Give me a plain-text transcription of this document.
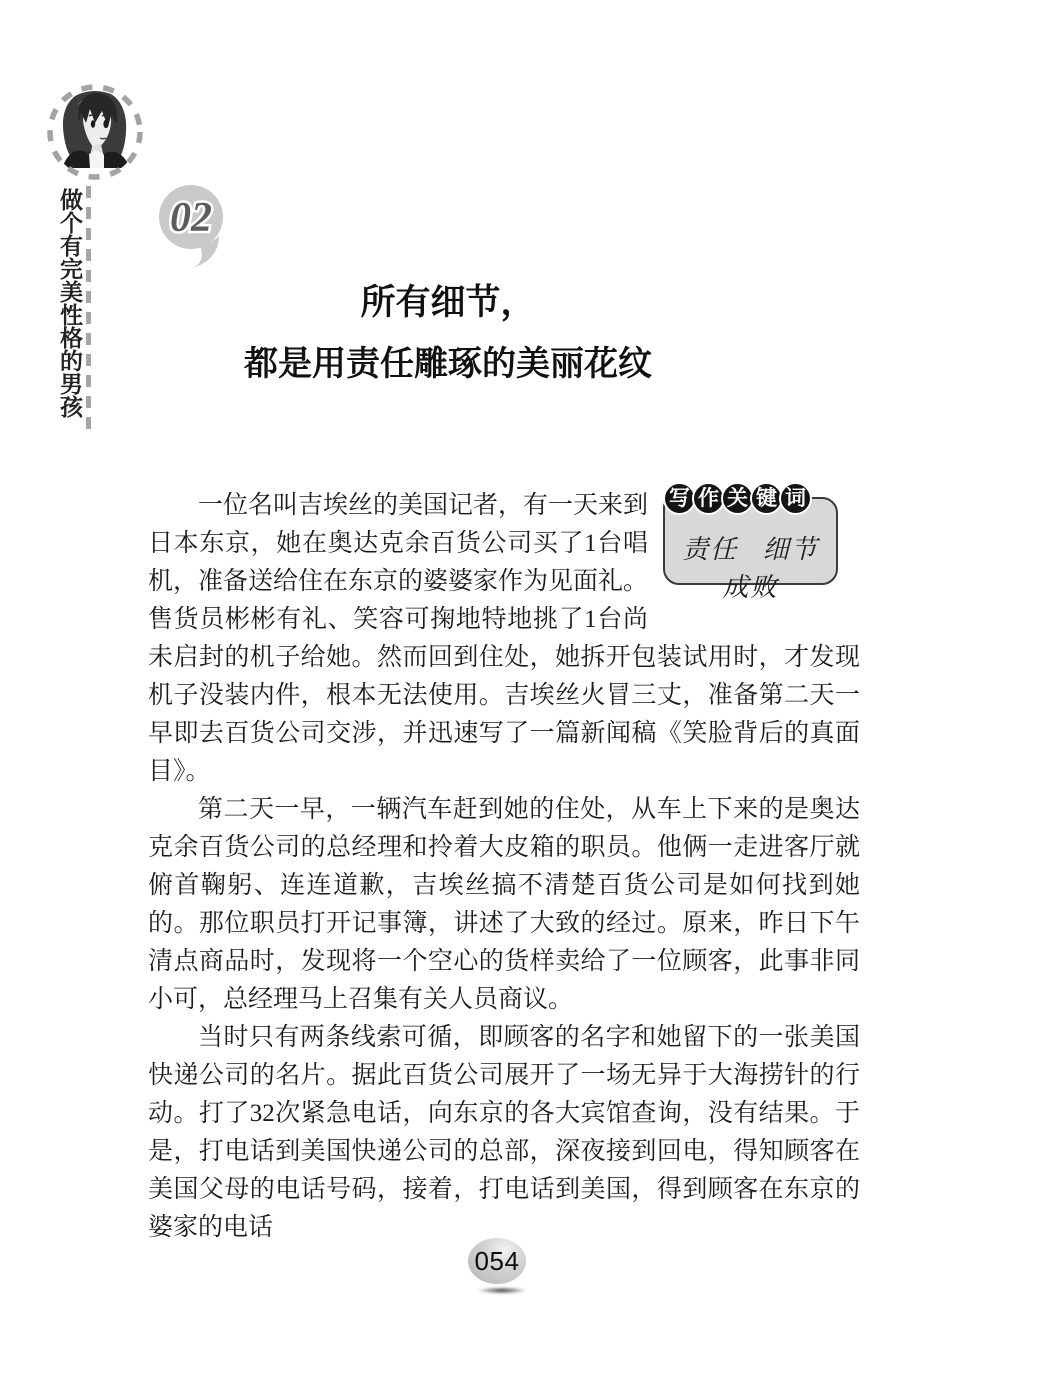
做个有完美性格的男孩 02
所有细节，
都是用责任雕琢的美丽花纹
写 作 关 键 词
责任 细节 成败

一位名叫吉埃丝的美国记者，有一天来到日本东京，她在奥达克余百货公司买了1台唱机，准备送给住在东京的婆婆家作为见面礼。售货员彬彬有礼、笑容可掬地特地挑了1台尚未启封的机子给她。然而回到住处，她拆开包装试用时，才发现机子没装内件，根本无法使用。吉埃丝火冒三丈，准备第二天一早即去百货公司交涉，并迅速写了一篇新闻稿《笑脸背后的真面目》。

第二天一早，一辆汽车赶到她的住处，从车上下来的是奥达克余百货公司的总经理和拎着大皮箱的职员。他俩一走进客厅就俯首鞠躬、连连道歉，吉埃丝搞不清楚百货公司是如何找到她的。那位职员打开记事簿，讲述了大致的经过。原来，昨日下午清点商品时，发现将一个空心的货样卖给了一位顾客，此事非同小可，总经理马上召集有关人员商议。

当时只有两条线索可循，即顾客的名字和她留下的一张美国快递公司的名片。据此百货公司展开了一场无异于大海捞针的行动。打了32次紧急电话，向东京的各大宾馆查询，没有结果。于是，打电话到美国快递公司的总部，深夜接到回电，得知顾客在美国父母的电话号码，接着，打电话到美国，得到顾客在东京的婆家的电话

054
